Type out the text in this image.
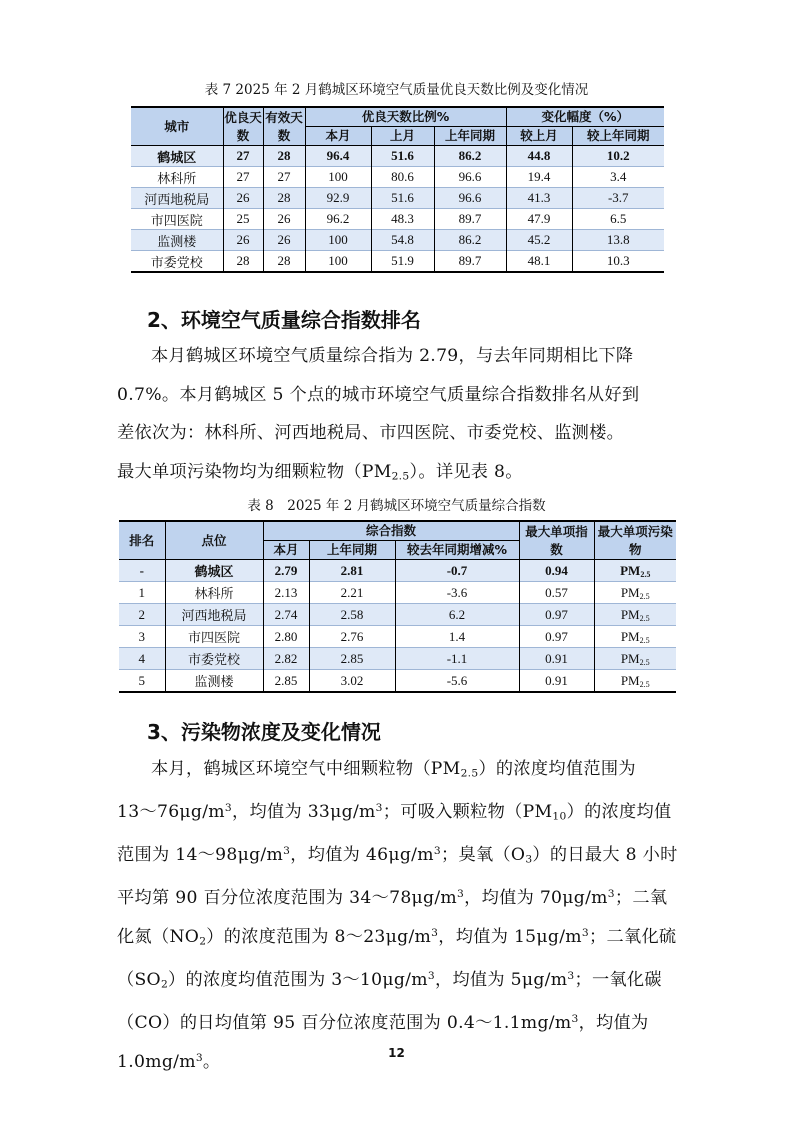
表 7 2025 年 2 月鹤城区环境空气质量优良天数比例及变化情况
城市	优良天数	有效天数	优良天数比例%			变化幅度（%）	
			本月	上月	上年同期	较上月	较上年同期
鹤城区	27	28	96.4	51.6	86.2	44.8	10.2
林科所	27	27	100	80.6	96.6	19.4	3.4
河西地税局	26	28	92.9	51.6	96.6	41.3	-3.7
市四医院	25	26	96.2	48.3	89.7	47.9	6.5
监测楼	26	26	100	54.8	86.2	45.2	13.8
市委党校	28	28	100	51.9	89.7	48.1	10.3
2、环境空气质量综合指数排名
本月鹤城区环境空气质量综合指为 2.79，与去年同期相比下降
0.7%。本月鹤城区 5 个点的城市环境空气质量综合指数排名从好到
差依次为：林科所、河西地税局、市四医院、市委党校、监测楼。
最大单项污染物均为细颗粒物$(PM_{2.5})$。详见表 8。
表 8　2025 年 2 月鹤城区环境空气质量综合指数
排名	点位	综合指数			最大单项指数	最大单项污染物
		本月	上年同期	较去年同期增减%		
-	鹤城区	2.79	2.81	-0.7	0.94	$PM_{2.5}$
1	林科所	2.13	2.21	-3.6	0.57	$PM_{2.5}$
2	河西地税局	2.74	2.58	6.2	0.97	$PM_{2.5}$
3	市四医院	2.80	2.76	1.4	0.97	$PM_{2.5}$
4	市委党校	2.82	2.85	-1.1	0.91	$PM_{2.5}$
5	监测楼	2.85	3.02	-5.6	0.91	$PM_{2.5}$
3、污染物浓度及变化情况
本月，鹤城区环境空气中细颗粒物$(PM_{2.5})$的浓度均值范围为
$13\sim 76\mu g/m^3$，均值为 $33\mu g/m^3$；可吸入颗粒物$(PM_{10})$的浓度均值
范围为 $14\sim 98\mu g/m^3$，均值为 $46\mu g/m^3$；臭氧$(O_3)$的日最大 8 小时
平均第 90 百分位浓度范围为 $34\sim 78\mu g/m^3$，均值为 $70\mu g/m^3$；二氧
化氮$(NO_2)$的浓度范围为 $8\sim 23\mu g/m^3$，均值为 $15\mu g/m^3$；二氧化硫
$(SO_2)$的浓度均值范围为 $3\sim 10\mu g/m^3$，均值为 $5\mu g/m^3$；一氧化碳
（CO）的日均值第 95 百分位浓度范围为 $0.4\sim 1.1mg/m^3$，均值为
$1.0mg/m^3$。	12
